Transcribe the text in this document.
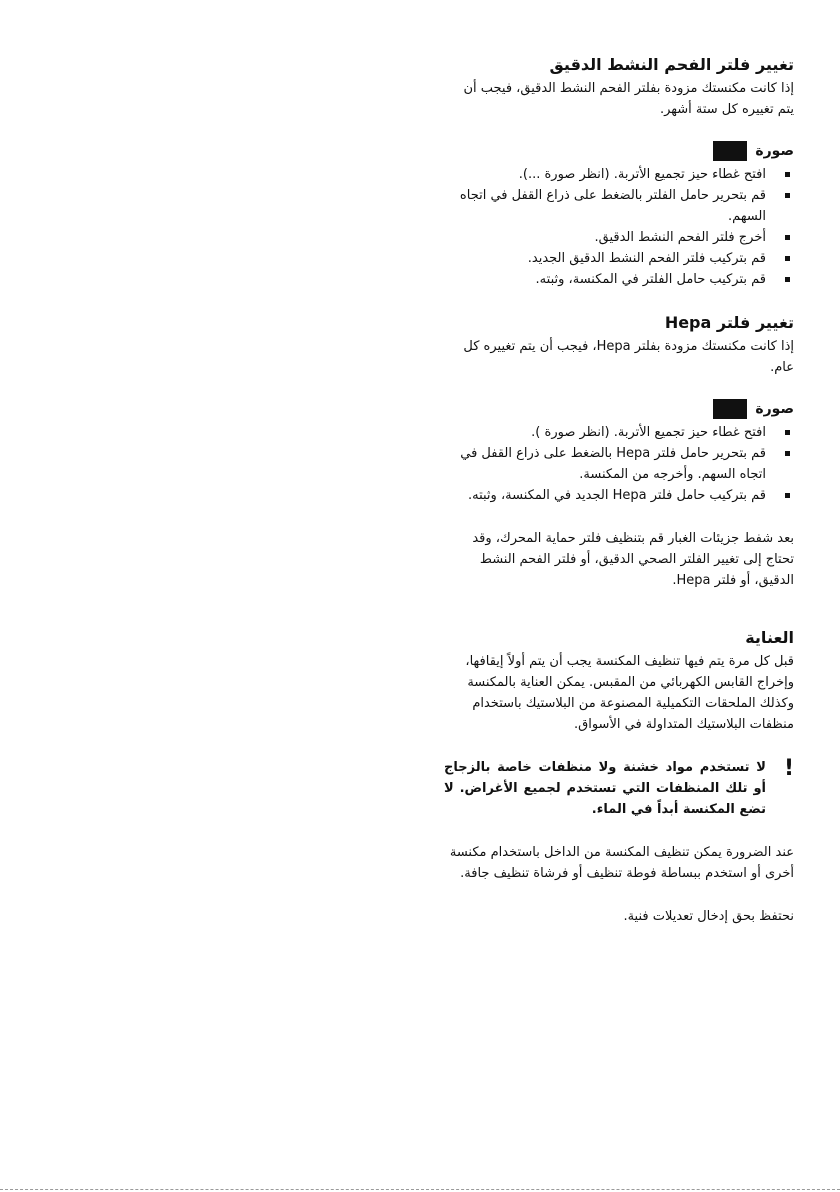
تغيير فلتر الفحم النشط الدقيق

إذا كانت مكنستك مزودة بفلتر الفحم النشط الدقيق، فيجب أن يتم تغييره كل ستة أشهر.

صورة
افتح غطاء حيز تجميع الأتربة. (انظر صورة ...).
قم بتحرير حامل الفلتر بالضغط على ذراع القفل في اتجاه السهم.
أخرج فلتر الفحم النشط الدقيق.
قم بتركيب فلتر الفحم النشط الدقيق الجديد.
قم بتركيب حامل الفلتر في المكنسة، وثبته.
تغيير فلتر Hepa

إذا كانت مكنستك مزودة بفلتر Hepa، فيجب أن يتم تغييره كل عام.

صورة
افتح غطاء حيز تجميع الأتربة. (انظر صورة ).
قم بتحرير حامل فلتر Hepa بالضغط على ذراع القفل في اتجاه السهم. وأخرجه من المكنسة.
قم بتركيب حامل فلتر Hepa الجديد في المكنسة، وثبته.

بعد شفط جزيئات الغبار قم بتنظيف فلتر حماية المحرك، وقد تحتاج إلى تغيير الفلتر الصحي الدقيق، أو فلتر الفحم النشط الدقيق، أو فلتر Hepa.

العناية

قبل كل مرة يتم فيها تنظيف المكنسة يجب أن يتم أولاً إيقافها، وإخراج القابس الكهربائي من المقبس. يمكن العناية بالمكنسة وكذلك الملحقات التكميلية المصنوعة من البلاستيك باستخدام منظفات البلاستيك المتداولة في الأسواق.

!

لا تستخدم مواد خشنة ولا منظفات خاصة بالزجاج أو تلك المنظفات التي تستخدم لجميع الأغراض. لا تضع المكنسة أبداً في الماء.

عند الضرورة يمكن تنظيف المكنسة من الداخل باستخدام مكنسة أخرى أو استخدم ببساطة فوطة تنظيف أو فرشاة تنظيف جافة.

نحتفظ بحق إدخال تعديلات فنية.
